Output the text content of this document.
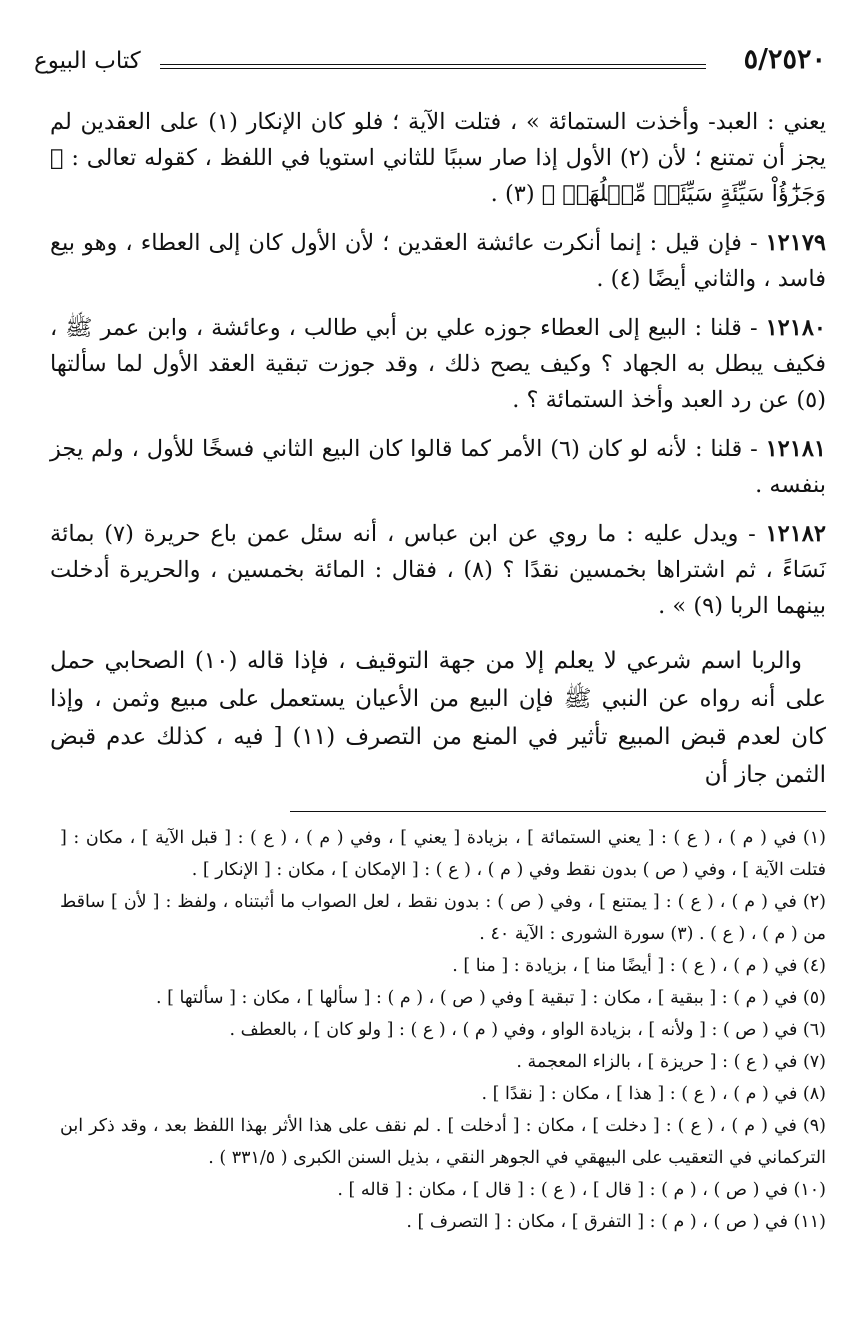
٥/٢٥٢٠
كتاب البيوع

يعني : العبد- وأخذت الستمائة » ، فتلت الآية ؛ فلو كان الإنكار (١) على العقدين لم يجز أن تمتنع ؛ لأن (٢) الأول إذا صار سببًا للثاني استويا في اللفظ ، كقوله تعالى : ﴿ وَجَزَٰٓؤُاْ سَيِّئَةٍ سَيِّئَةٞ مِّثۡلُهَاۖ ﴾ (٣) .

١٢١٧٩ - فإن قيل : إنما أنكرت عائشة العقدين ؛ لأن الأول كان إلى العطاء ، وهو بيع فاسد ، والثاني أيضًا (٤) .

١٢١٨٠ - قلنا : البيع إلى العطاء جوزه علي بن أبي طالب ، وعائشة ، وابن عمر ﷺ ، فكيف يبطل به الجهاد ؟ وكيف يصح ذلك ، وقد جوزت تبقية العقد الأول لما سألتها (٥) عن رد العبد وأخذ الستمائة ؟ .

١٢١٨١ - قلنا : لأنه لو كان (٦) الأمر كما قالوا كان البيع الثاني فسخًا للأول ، ولم يجز بنفسه .

١٢١٨٢ - ويدل عليه : ما روي عن ابن عباس ، أنه سئل عمن باع حريرة (٧) بمائة نَسَاءً ، ثم اشتراها بخمسين نقدًا ؟ (٨) ، فقال : المائة بخمسين ، والحريرة أدخلت بينهما الربا (٩) » .

والربا اسم شرعي لا يعلم إلا من جهة التوقيف ، فإذا قاله (١٠) الصحابي حمل على أنه رواه عن النبي ﷺ فإن البيع من الأعيان يستعمل على مبيع وثمن ، وإذا كان لعدم قبض المبيع تأثير في المنع من التصرف (١١) [ فيه ، كذلك عدم قبض الثمن جاز أن

(١) في ( م ) ، ( ع ) : [ يعني الستمائة ] ، بزيادة [ يعني ] ، وفي ( م ) ، ( ع ) : [ قبل الآية ] ، مكان : [ فتلت الآية ] ، وفي ( ص ) بدون نقط وفي ( م ) ، ( ع ) : [ الإمكان ] ، مكان : [ الإنكار ] .

(٢) في ( م ) ، ( ع ) : [ يمتنع ] ، وفي ( ص ) : بدون نقط ، لعل الصواب ما أثبتناه ، ولفظ : [ لأن ] ساقط من ( م ) ، ( ع ) . (٣) سورة الشورى : الآية ٤٠ .

(٤) في ( م ) ، ( ع ) : [ أيضًا منا ] ، بزيادة : [ منا ] .

(٥) في ( م ) : [ ببقية ] ، مكان : [ تبقية ] وفي ( ص ) ، ( م ) : [ سألها ] ، مكان : [ سألتها ] .

(٦) في ( ص ) : [ ولأنه ] ، بزيادة الواو ، وفي ( م ) ، ( ع ) : [ ولو كان ] ، بالعطف .

(٧) في ( ع ) : [ حريزة ] ، بالزاء المعجمة .

(٨) في ( م ) ، ( ع ) : [ هذا ] ، مكان : [ نقدًا ] .

(٩) في ( م ) ، ( ع ) : [ دخلت ] ، مكان : [ أدخلت ] . لم نقف على هذا الأثر بهذا اللفظ بعد ، وقد ذكر ابن التركماني في التعقيب على البيهقي في الجوهر النقي ، بذيل السنن الكبرى ( ٣٣١/٥ ) .

(١٠) في ( ص ) ، ( م ) : [ قال ] ، ( ع ) : [ قال ] ، مكان : [ قاله ] .

(١١) في ( ص ) ، ( م ) : [ التفرق ] ، مكان : [ التصرف ] .
